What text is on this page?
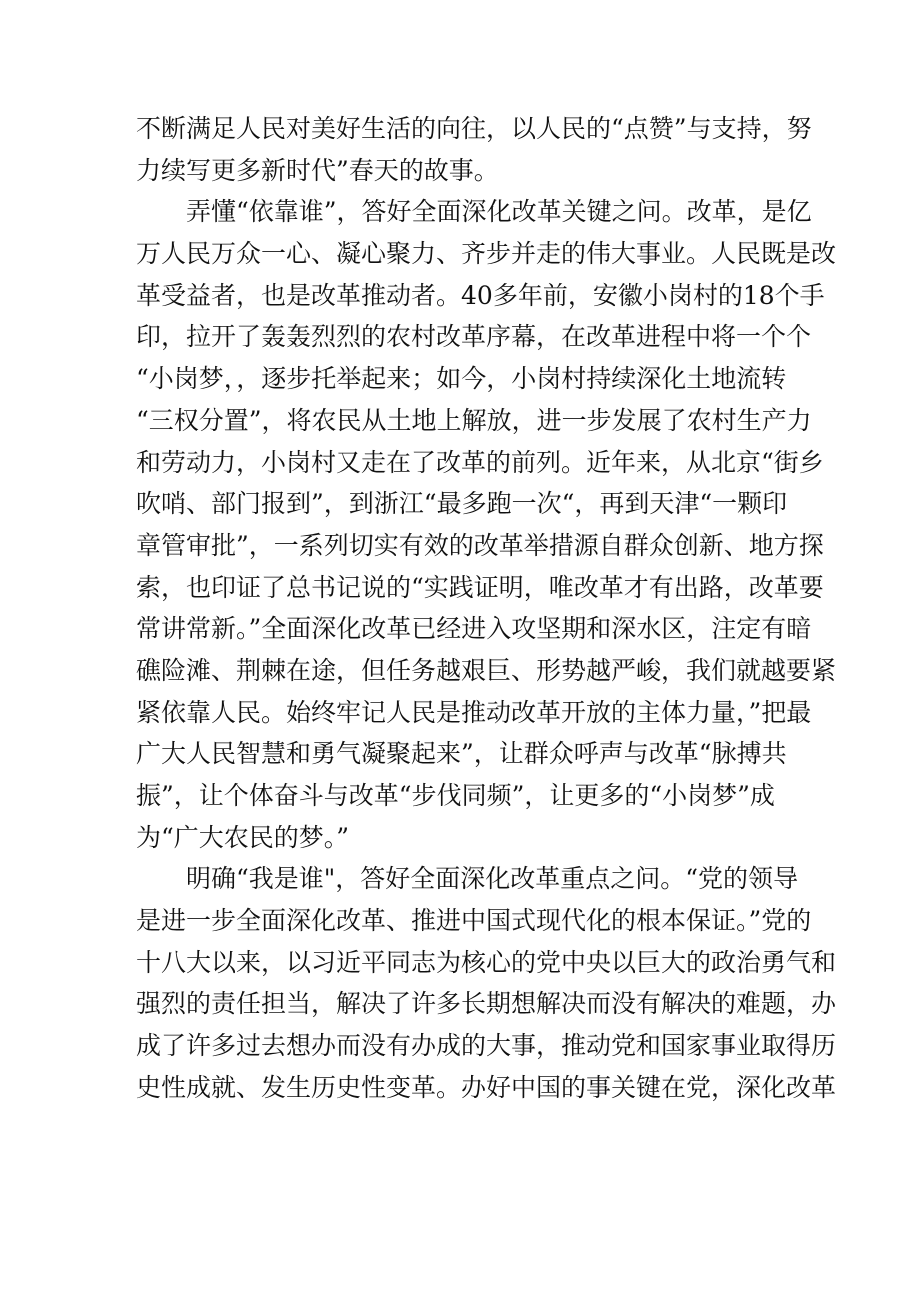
不断满足人民对美好生活的向往，以人民的“点赞”与支持，努
力续写更多新时代”春天的故事。
弄懂“依靠谁”，答好全面深化改革关键之问。改革，是亿
万人民万众一心、凝心聚力、齐步并走的伟大事业。人民既是改
革受益者，也是改革推动者。40多年前，安徽小岗村的18个手
印，拉开了轰轰烈烈的农村改革序幕，在改革进程中将一个个
“小岗梦，，逐步托举起来；如今，小岗村持续深化土地流转
“三权分置”，将农民从土地上解放，进一步发展了农村生产力
和劳动力，小岗村又走在了改革的前列。近年来，从北京“街乡
吹哨、部门报到”，到浙江“最多跑一次“，再到天津“一颗印
章管审批”，一系列切实有效的改革举措源自群众创新、地方探
索，也印证了总书记说的“实践证明，唯改革才有出路，改革要
常讲常新。”全面深化改革已经进入攻坚期和深水区，注定有暗
礁险滩、荆棘在途，但任务越艰巨、形势越严峻，我们就越要紧
紧依靠人民。始终牢记人民是推动改革开放的主体力量，”把最
广大人民智慧和勇气凝聚起来”，让群众呼声与改革“脉搏共
振”，让个体奋斗与改革“步伐同频”，让更多的“小岗梦”成
为“广大农民的梦。”
明确“我是谁"，答好全面深化改革重点之问。“党的领导
是进一步全面深化改革、推进中国式现代化的根本保证。”党的
十八大以来，以习近平同志为核心的党中央以巨大的政治勇气和
强烈的责任担当，解决了许多长期想解决而没有解决的难题，办
成了许多过去想办而没有办成的大事，推动党和国家事业取得历
史性成就、发生历史性变革。办好中国的事关键在党，深化改革
